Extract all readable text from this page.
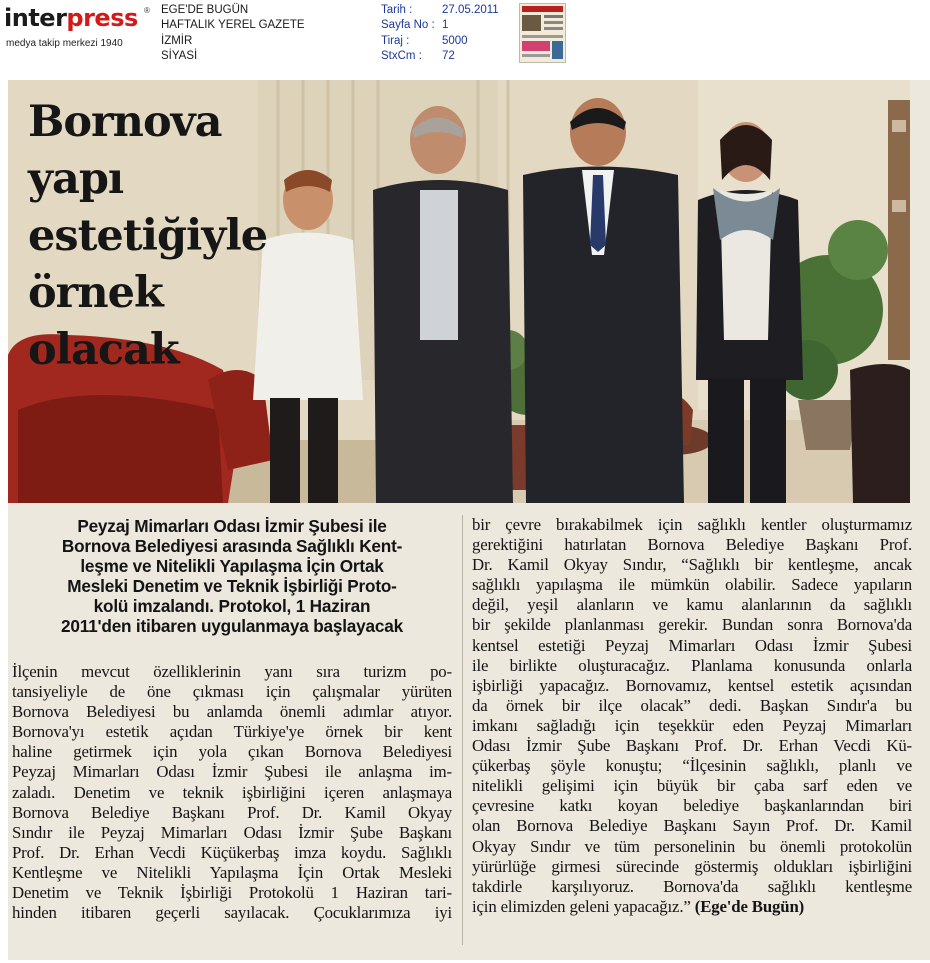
interpress ®
medya takip merkezi 1940
EGE'DE BUGÜN
HAFTALIK YEREL GAZETE
İZMİR
SİYASİ
Tarih :	27.05.2011
Sayfa No : 1
Tiraj :	5000
StxCm : 72
Bornova
yapı
estetiğiyle
örnek
olacak

Peyzaj Mimarları Odası İzmir Şubesi ile
Bornova Belediyesi arasında Sağlıklı Kent-
leşme ve Nitelikli Yapılaşma İçin Ortak
Mesleki Denetim ve Teknik İşbirliği Proto-
kolü imzalandı. Protokol, 1 Haziran
2011'den itibaren uygulanmaya başlayacak

İlçenin mevcut özelliklerinin yanı sıra turizm po-
tansiyeliyle de öne çıkması için çalışmalar yürüten
Bornova Belediyesi bu anlamda önemli adımlar atıyor.
Bornova'yı estetik açıdan Türkiye'ye örnek bir kent
haline getirmek için yola çıkan Bornova Belediyesi
Peyzaj Mimarları Odası İzmir Şubesi ile anlaşma im-
zaladı. Denetim ve teknik işbirliğini içeren anlaşmaya
Bornova Belediye Başkanı Prof. Dr. Kamil Okyay
Sındır ile Peyzaj Mimarları Odası İzmir Şube Başkanı
Prof. Dr. Erhan Vecdi Küçükerbaş imza koydu. Sağlıklı
Kentleşme ve Nitelikli Yapılaşma İçin Ortak Mesleki
Denetim ve Teknik İşbirliği Protokolü 1 Haziran tari-
hinden itibaren geçerli sayılacak. Çocuklarımıza iyi
bir çevre bırakabilmek için sağlıklı kentler oluşturmamız
gerektiğini hatırlatan Bornova Belediye Başkanı Prof.
Dr. Kamil Okyay Sındır, “Sağlıklı bir kentleşme, ancak
sağlıklı yapılaşma ile mümkün olabilir. Sadece yapıların
değil, yeşil alanların ve kamu alanlarının da sağlıklı
bir şekilde planlanması gerekir. Bundan sonra Bornova'da
kentsel estetiği Peyzaj Mimarları Odası İzmir Şubesi
ile birlikte oluşturacağız. Planlama konusunda onlarla
işbirliği yapacağız. Bornovamız, kentsel estetik açısından
da örnek bir ilçe olacak” dedi. Başkan Sındır'a bu
imkanı sağladığı için teşekkür eden Peyzaj Mimarları
Odası İzmir Şube Başkanı Prof. Dr. Erhan Vecdi Kü-
çükerbaş şöyle konuştu; “İlçesinin sağlıklı, planlı ve
nitelikli gelişimi için büyük bir çaba sarf eden ve
çevresine katkı koyan belediye başkanlarından biri
olan Bornova Belediye Başkanı Sayın Prof. Dr. Kamil
Okyay Sındır ve tüm personelinin bu önemli protokolün
yürürlüğe girmesi sürecinde göstermiş oldukları işbirliğini
takdirle karşılıyoruz. Bornova'da sağlıklı kentleşme
için elimizden geleni yapacağız.” (Ege'de Bugün)
